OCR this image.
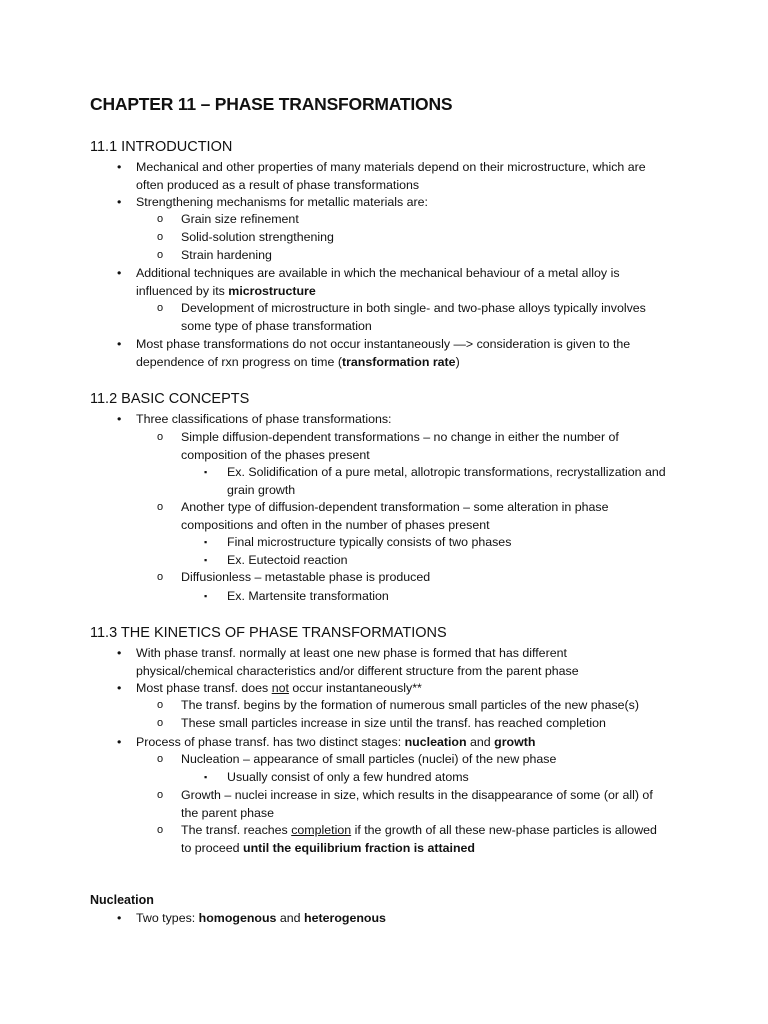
CHAPTER 11 – PHASE TRANSFORMATIONS
11.1 INTRODUCTION
• Mechanical and other properties of many materials depend on their microstructure, which are
often produced as a result of phase transformations
• Strengthening mechanisms for metallic materials are:
o Grain size refinement
o Solid-solution strengthening
o Strain hardening
• Additional techniques are available in which the mechanical behaviour of a metal alloy is
influenced by its microstructure
o Development of microstructure in both single- and two-phase alloys typically involves
some type of phase transformation
• Most phase transformations do not occur instantaneously —> consideration is given to the
dependence of rxn progress on time (transformation rate)
11.2 BASIC CONCEPTS
• Three classifications of phase transformations:
o Simple diffusion-dependent transformations – no change in either the number of
composition of the phases present
▪ Ex. Solidification of a pure metal, allotropic transformations, recrystallization and
grain growth
o Another type of diffusion-dependent transformation – some alteration in phase
compositions and often in the number of phases present
▪ Final microstructure typically consists of two phases
▪ Ex. Eutectoid reaction
o Diffusionless – metastable phase is produced
▪ Ex. Martensite transformation
11.3 THE KINETICS OF PHASE TRANSFORMATIONS
• With phase transf. normally at least one new phase is formed that has different
physical/chemical characteristics and/or different structure from the parent phase
• Most phase transf. does not occur instantaneously**
o The transf. begins by the formation of numerous small particles of the new phase(s)
o These small particles increase in size until the transf. has reached completion
• Process of phase transf. has two distinct stages: nucleation and growth
o Nucleation – appearance of small particles (nuclei) of the new phase
▪ Usually consist of only a few hundred atoms
o Growth – nuclei increase in size, which results in the disappearance of some (or all) of
the parent phase
o The transf. reaches completion if the growth of all these new-phase particles is allowed
to proceed until the equilibrium fraction is attained
Nucleation
• Two types: homogenous and heterogenous
